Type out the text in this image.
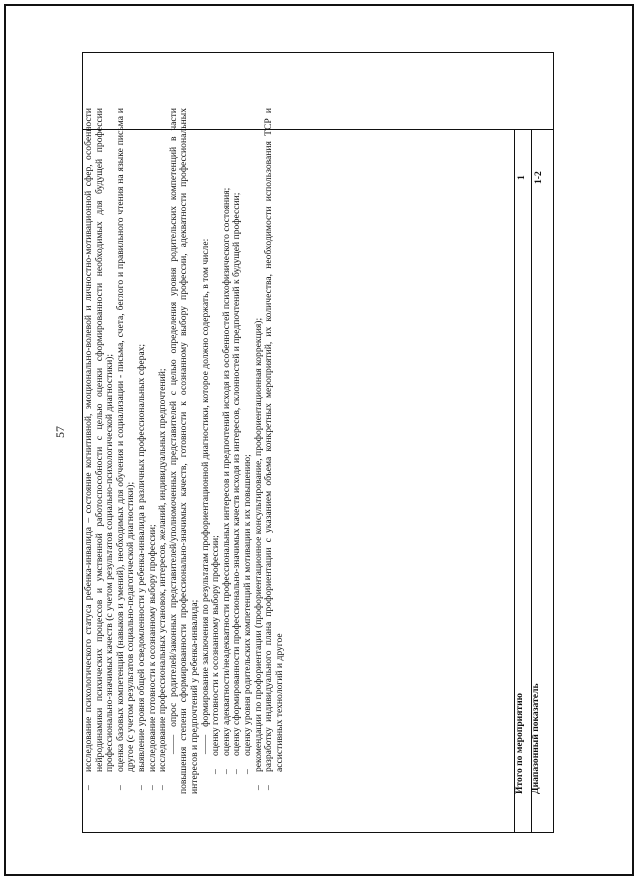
57

–
исследование психологического статуса ребенка-инвалида – состояние когнитивной, эмоционально-волевой и личностно-мотивационной сфер, особенности нейродинамики психических процессов и умственной работоспособности с целью оценки сформированности необходимых для будущей профессии профессионально-значимых качеств (с учетом результатов социально-психологической диагностики);

–
оценка базовых компетенций (навыков и умений), необходимых для обучения и социализации - письма, счета, беглого и правильного чтения на языке письма и другое (с учетом результатов социально-педагогической диагностики);

–
выявление уровня общей осведомленности у ребенка-инвалида в различных профессиональных сферах;

–
исследование готовности к осознанному выбору профессии;

–
исследование профессиональных установок, интересов, желаний, индивидуальных предпочтений; ——опрос родителей/законных представителей/уполномоченных представителей с целью определения уровня родительских компетенций в части повышения степени сформированности профессионально-значимых качеств, готовности к осознанному выбору профессии, адекватности профессиональных интересов и предпочтений у ребенка-инвалида; ——формирование заключения по результатам профориентационной диагностики, которое должно содержать, в том числе:

–
оценку готовности к осознанному выбору профессии;

–
оценку адекватности/неадекватности профессиональных интересов и предпочтений исходя из особенностей психофизического состояния;

–
оценку сформированности профессионально-значимых качеств исходя из интересов, склонностей и предпочтений к будущей профессии;

–
оценку уровня родительских компетенций и мотивации к их повышению;

–
рекомендации по профориентации (профориентационное консультирование, профориентационная коррекция);

–
разработку индивидуального плана профориентации с указанием объема конкретных мероприятий, их количества, необходимости использования ТСР и ассистивных технологий и другое	Итого по мероприятию
1
Диапазонный показатель
1-2
